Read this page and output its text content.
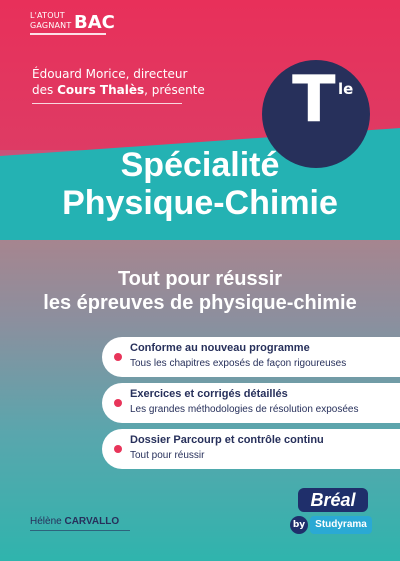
L'ATOUT
GAGNANT BAC
Édouard Morice, directeur
des Cours Thalès, présente T le
Spécialité
Physique-Chimie
Tout pour réussir
les épreuves de physique-chimie
Conforme au nouveau programme
Tous les chapitres exposés de façon rigoureuses
Exercices et corrigés détaillés
Les grandes méthodologies de résolution exposées
Dossier Parcourp et contrôle continu
Tout pour réussir
Hélène CARVALLO
Bréal
by	Studyrama
